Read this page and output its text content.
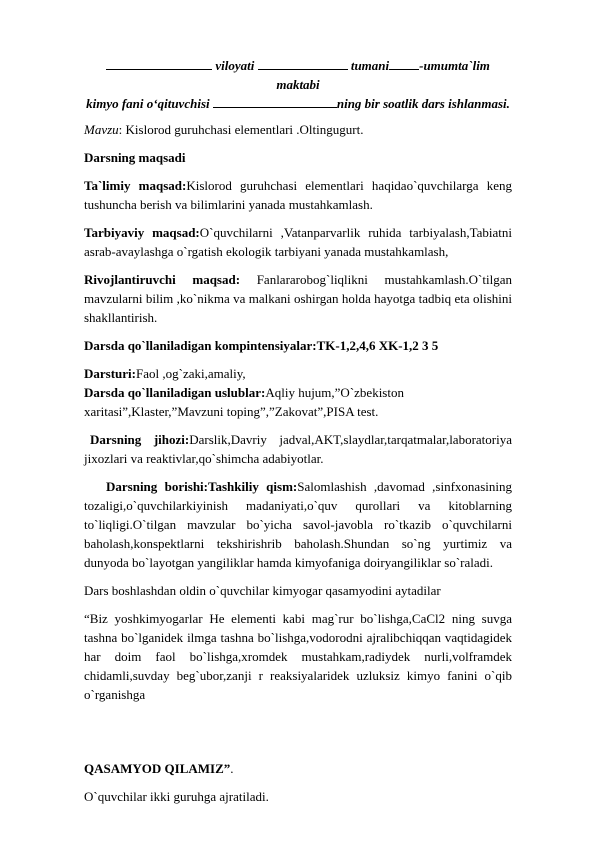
viloyati	tumani -umumta`lim maktabi
kimyo fani o‘qituvchisi	ning bir soatlik dars ishlanmasi.

Mavzu: Kislorod guruhchasi elementlari .Oltingugurt.

Darsning maqsadi

Ta`limiy maqsad:Kislorod guruhchasi elementlari haqidao`quvchilarga keng tushuncha berish va bilimlarini yanada mustahkamlash.

Tarbiyaviy maqsad:O`quvchilarni ,Vatanparvarlik ruhida tarbiyalash,Tabiatni asrab-avaylashga o`rgatish ekologik tarbiyani yanada mustahkamlash,

Rivojlantiruvchi maqsad: Fanlararobog`liqlikni mustahkamlash.O`tilgan mavzularni bilim ,ko`nikma va malkani oshirgan holda hayotga tadbiq eta olishini shakllantirish.

Darsda qo`llaniladigan kompintensiyalar:TK-1,2,4,6 XK-1,2 3 5

Darsturi:Faol ,og`zaki,amaliy,

Darsda qo`llaniladigan uslublar:Aqliy hujum,”O`zbekiston xaritasi”,Klaster,”Mavzuni toping”,”Zakovat”,PISA test.

Darsning jihozi:Darslik,Davriy jadval,AKT,slaydlar,tarqatmalar,laboratoriya jixozlari va reaktivlar,qo`shimcha adabiyotlar.

Darsning borishi:Tashkiliy qism:Salomlashish ,davomad ,sinfxonasining tozaligi,o`quvchilarkiyinish madaniyati,o`quv qurollari va kitoblarning to`liqligi.O`tilgan mavzular bo`yicha savol-javobla ro`tkazib o`quvchilarni baholash,konspektlarni tekshirishrib baholash.Shundan so`ng yurtimiz va dunyoda bo`layotgan yangiliklar hamda kimyofaniga doiryangiliklar so`raladi.

Dars boshlashdan oldin o`quvchilar kimyogar qasamyodini aytadilar

“Biz yoshkimyogarlar He elementi kabi mag`rur bo`lishga,CaCl2 ning suvga tashna bo`lganidek ilmga tashna bo`lishga,vodorodni ajralibchiqqan vaqtidagidek har doim faol bo`lishga,xromdek mustahkam,radiydek nurli,volframdek chidamli,suvday beg`ubor,zanji r reaksiyalaridek uzluksiz kimyo fanini o`qib o`rganishga

QASAMYOD QILAMIZ”.

O`quvchilar ikki guruhga ajratiladi.
